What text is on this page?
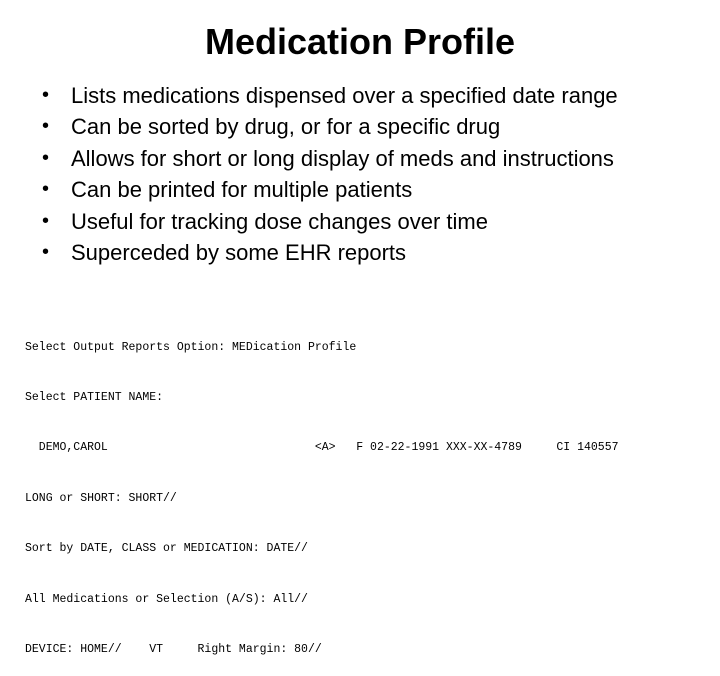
Medication Profile
• Lists medications dispensed over a specified date range
• Can be sorted by drug, or for a specific drug
• Allows for short or long display of meds and instructions
• Can be printed for multiple patients
• Useful for tracking dose changes over time
• Superceded by some EHR reports

Select Output Reports Option: MEDication Profile

Select PATIENT NAME:

DEMO,CAROL                              <A>   F 02-22-1991 XXX-XX-4789     CI 140557

LONG or SHORT: SHORT//

Sort by DATE, CLASS or MEDICATION: DATE//

All Medications or Selection (A/S): All//

DEVICE: HOME//    VT     Right Margin: 80//
